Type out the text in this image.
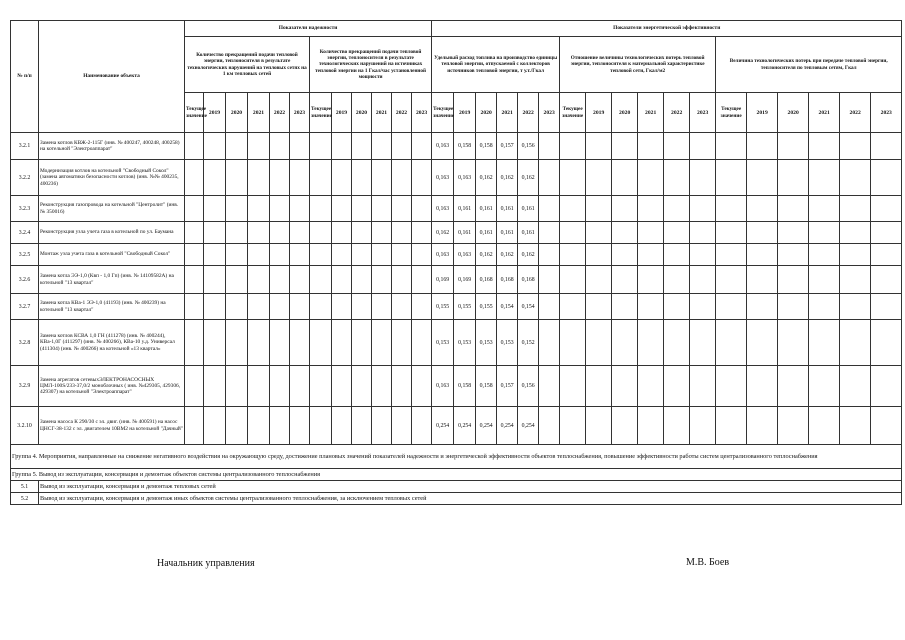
№ п/п	Наименование объекта	Показатели надежности												Показатели энергетической эффективности																	
		Количество прекращений подачи тепловой энергии, теплоносителя в результате технологических нарушений на тепловых сетях на 1 км тепловых сетей						Количество прекращений подачи тепловой энергии, теплоносителя в результате технологических нарушений на источниках тепловой энергии на 1 Гкал/час установленной мощности						Удельный расход топлива на производство единицы тепловой энергии, отпускаемой с коллекторов источников тепловой энергии, т у.т./Гкал						Отношение величины технологических потерь тепловой энергии, теплоносителя к материальной характеристике тепловой сети, Гкал/м2						Величина технологических потерь при передаче тепловой энергии, теплоносителя по тепловым сетям, Гкал					
		Текущее значение	2019	2020	2021	2022	2023	Текущее значение	2019	2020	2021	2022	2023	Текущее значение	2019	2020	2021	2022	2023	Текущее значение	2019	2020	2021	2022	2023	Текущее значение	2019	2020	2021	2022	2023
3.2.1	Замена котлов КВЖ-2-115Г (инв. № 400247, 400248, 400258) на котельной "Электроаппарат"													0,163	0,158	0,158	0,157	0,156													
3.2.2	Модернизация котлов на котельной "Свободный Сокол" (замена автоматики безопасности котлов) (инв. №№ 400235, 400236)													0,163	0,163	0,162	0,162	0,162													
3.2.3	Реконструкция газопровода на котельной "Центролит" (инв. № 350016)													0,163	0,161	0,161	0,161	0,161													
3.2.4	Реконструкция узла учета газа в котельной по ул. Баумана													0,162	0,161	0,161	0,161	0,161													
3.2.5	Монтаж узла учета газа в котельной "Свободный Сокол"													0,163	0,163	0,162	0,162	0,162													
3.2.6	Замена котла ЭЭ-1,0 (Квп - 1,0 Гп) (инв. № 14109582А) на котельной "13 квартал"													0,169	0,169	0,168	0,168	0,168													
3.2.7	Замена котла КВа-1 ЭЭ-1,0 (41193) (инв. № 400239) на котельной "13 квартал"													0,155	0,155	0,155	0,154	0,154													
3.2.8	Замена котлов КСВА 1,0 ГН (411278) (инв. № 400244), КВа-1,0Г (411297) (инв. № 400266), КВа-10 у.д. Универсал (411304) (инв. № 400266) на котельной «13 квартал»													0,153	0,153	0,153	0,153	0,152													
3.2.9	Замена агрегатов сетевыхЭЛЕКТРОНАСОСНЫХ ЦМЛ-100S/233-37,0/2 моноблочных ( инв. №429305, 429306, 429307) на котельной "Электроаппарат"													0,163	0,158	0,158	0,157	0,156													
3.2.10	Замена насоса К 290/30 с эл. двиг. (инв. № 400591) на насос ЦНСГ-38-132 с эл. двигателем 10ВМ2 на котельной "Дачный"													0,254	0,254	0,254	0,254	0,254													
Группа 4. Мероприятия, направленные на снижение негативного воздействия на окружающую среду, достижение плановых значений показателей надежности и энергетической эффективности объектов теплоснабжения, повышение эффективности работы систем централизованного теплоснабжения																															
Группа 5. Вывод из эксплуатации, консервация и демонтаж объектов системы централизованного теплоснабжения																															
5.1	Вывод из эксплуатации, консервация и демонтаж тепловых сетей																														
5.2	Вывод из эксплуатации, консервация и демонтаж иных объектов системы централизованного теплоснабжения, за исключением тепловых сетей																														
Начальник управления	М.В. Боев
